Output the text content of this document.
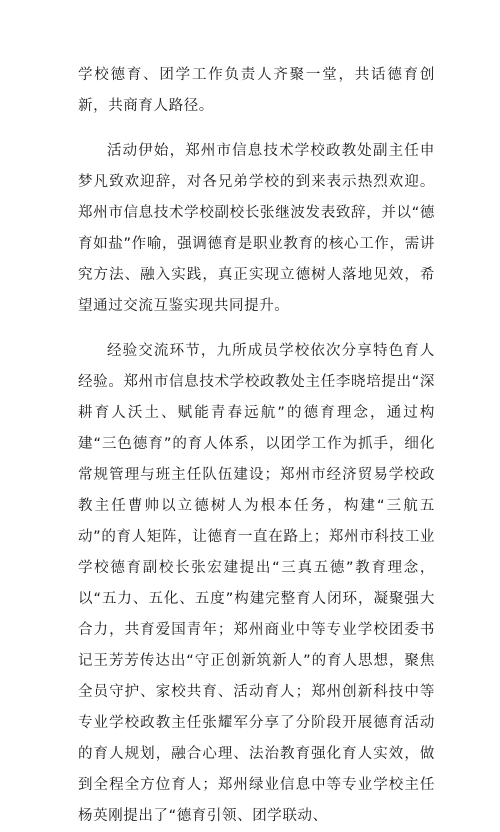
学校德育、团学工作负责人齐聚一堂，共话德育创新，共商育人路径。

活动伊始，郑州市信息技术学校政教处副主任申梦凡致欢迎辞，对各兄弟学校的到来表示热烈欢迎。郑州市信息技术学校副校长张继波发表致辞，并以“德育如盐”作喻，强调德育是职业教育的核心工作，需讲究方法、融入实践，真正实现立德树人落地见效，希望通过交流互鉴实现共同提升。

经验交流环节，九所成员学校依次分享特色育人经验。郑州市信息技术学校政教处主任李晓培提出“深耕育人沃土、赋能青春远航”的德育理念，通过构建“三色德育”的育人体系，以团学工作为抓手，细化常规管理与班主任队伍建设；郑州市经济贸易学校政教主任曹帅以立德树人为根本任务，构建“三航五动”的育人矩阵，让德育一直在路上；郑州市科技工业学校德育副校长张宏建提出“三真五德”教育理念，以“五力、五化、五度”构建完整育人闭环，凝聚强大合力，共育爱国青年；郑州商业中等专业学校团委书记王芳芳传达出“守正创新筑新人”的育人思想，聚焦全员守护、家校共育、活动育人；郑州创新科技中等专业学校政教主任张耀军分享了分阶段开展德育活动的育人规划，融合心理、法治教育强化育人实效，做到全程全方位育人；郑州绿业信息中等专业学校主任杨英刚提出了“德育引领、团学联动、
